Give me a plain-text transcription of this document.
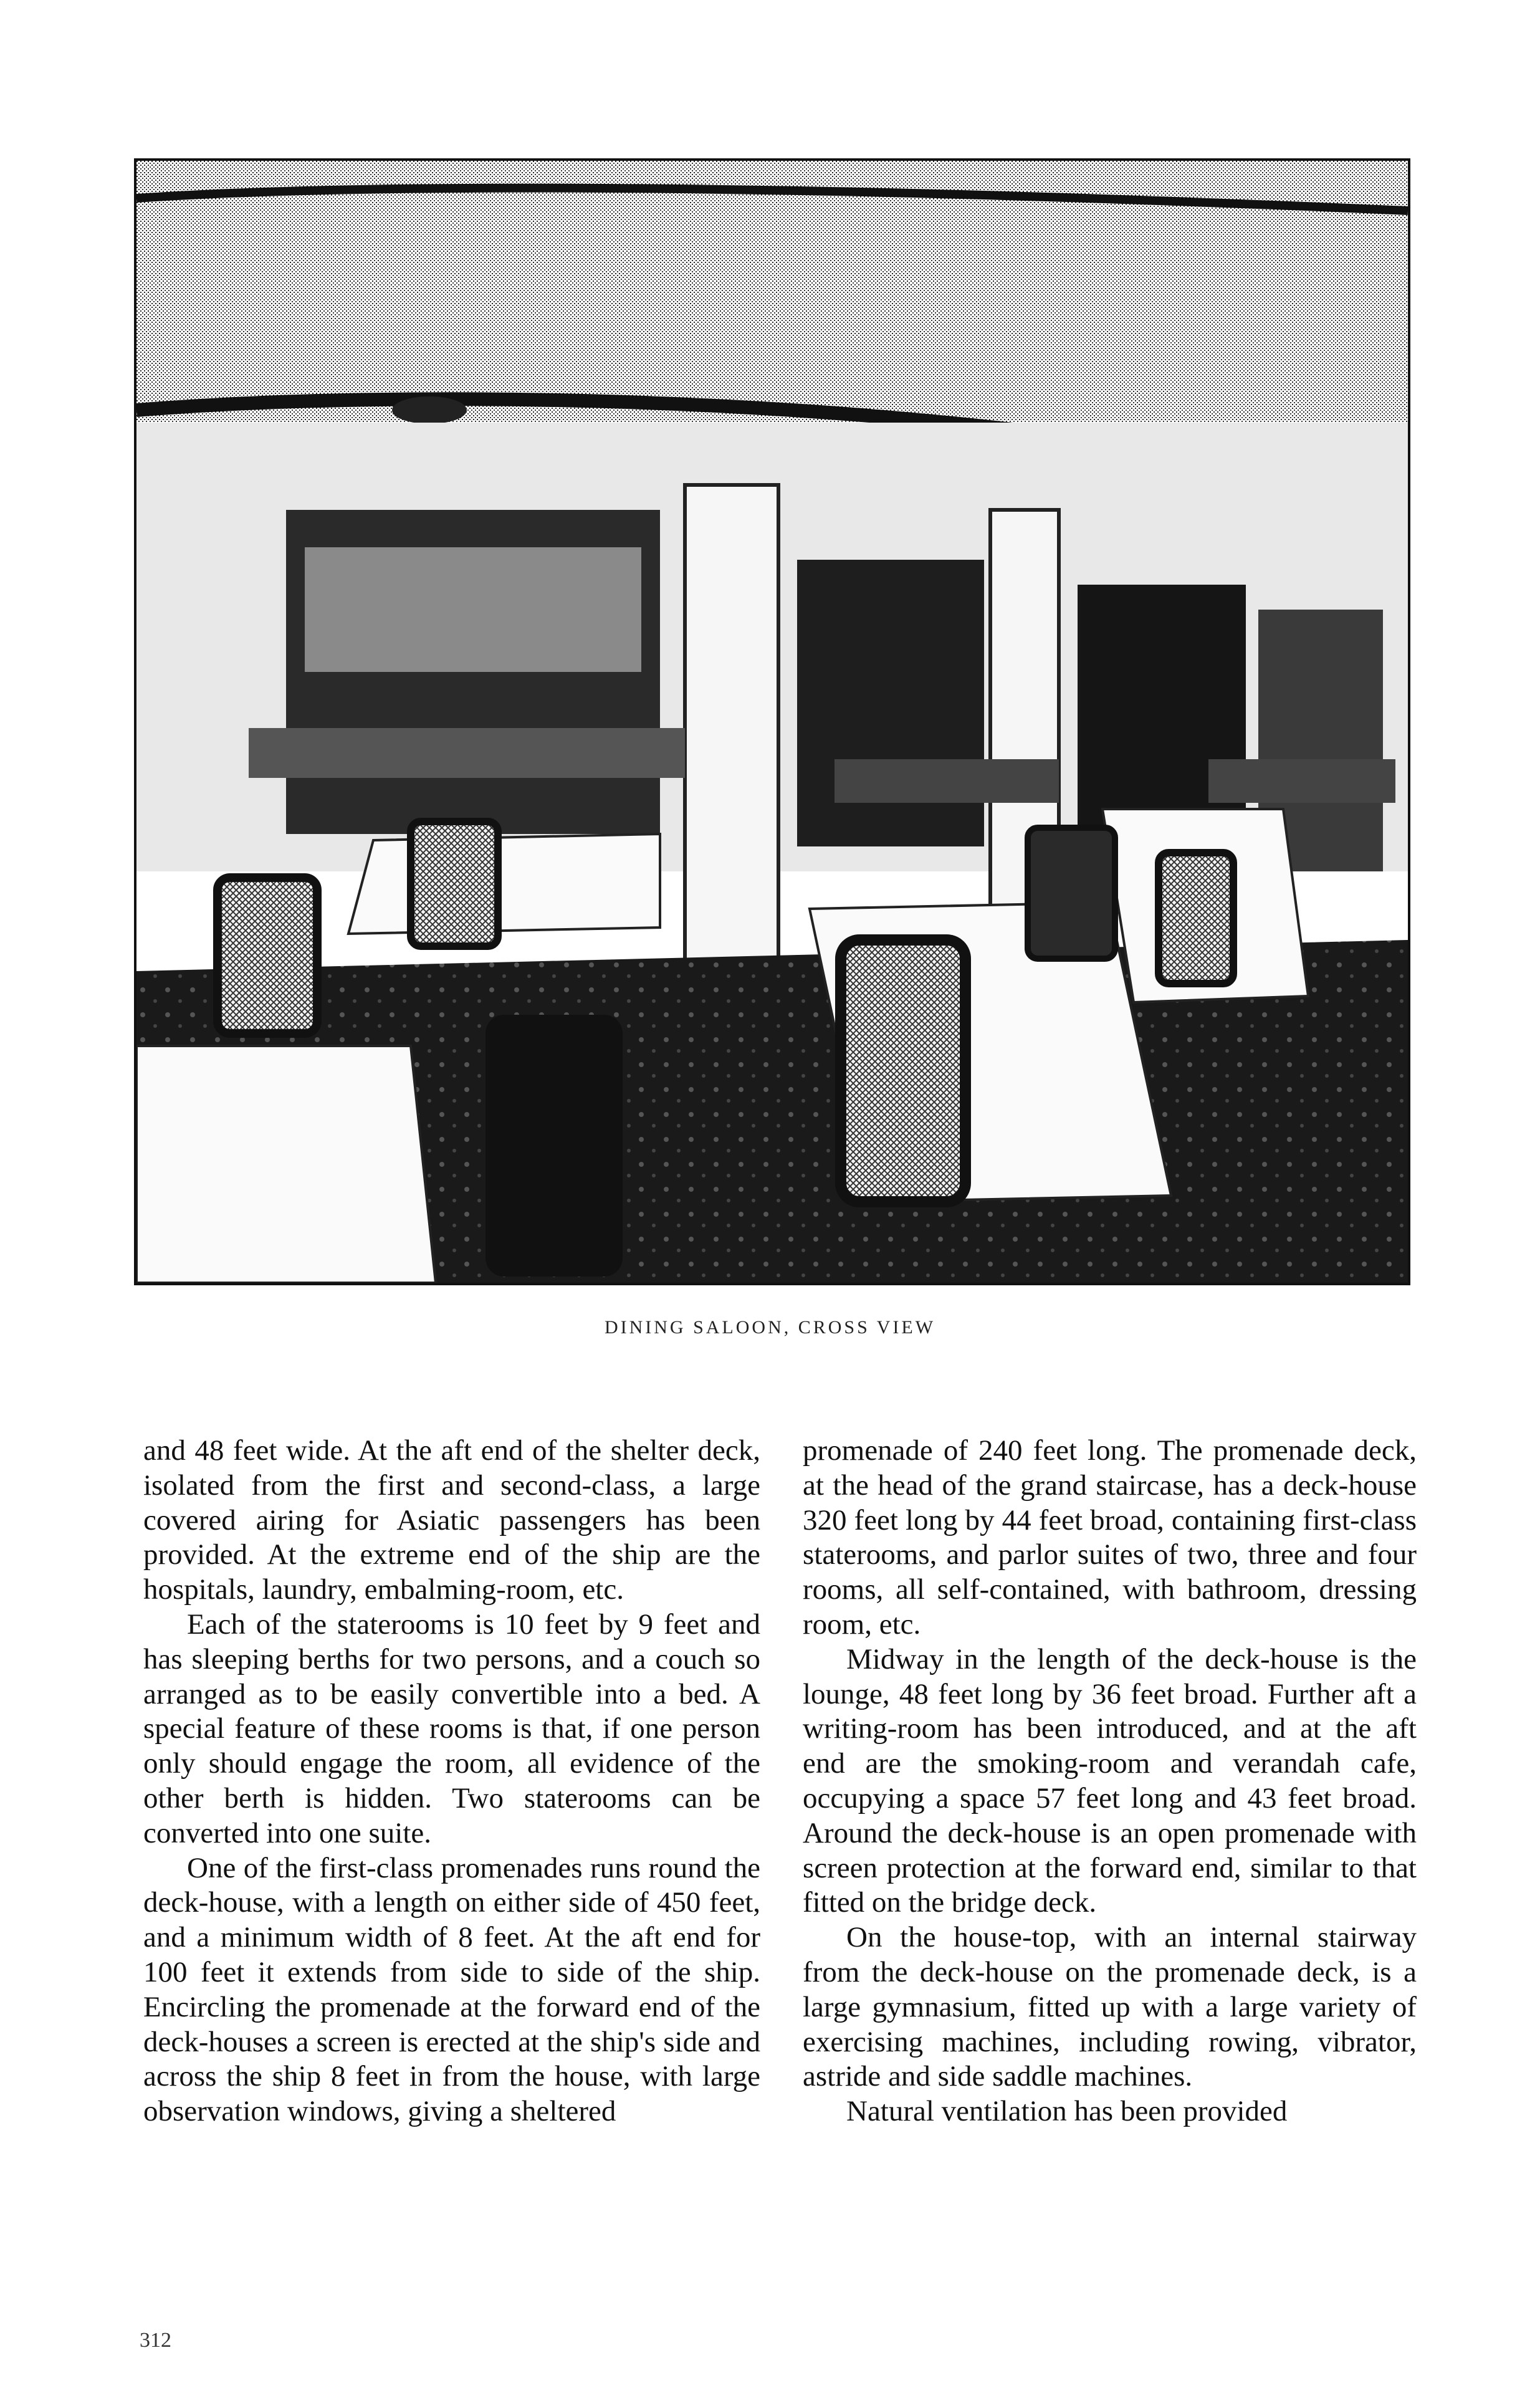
DINING SALOON, CROSS VIEW

and 48 feet wide. At the aft end of the shelter deck, isolated from the first and second-class, a large covered airing for Asiatic passengers has been provided. At the extreme end of the ship are the hospitals, laundry, embalming-room, etc.

Each of the staterooms is 10 feet by 9 feet and has sleeping berths for two persons, and a couch so arranged as to be easily convertible into a bed. A special feature of these rooms is that, if one person only should engage the room, all evidence of the other berth is hidden. Two staterooms can be converted into one suite.

One of the first-class promenades runs round the deck-house, with a length on either side of 450 feet, and a minimum width of 8 feet. At the aft end for 100 feet it extends from side to side of the ship. Encircling the promenade at the forward end of the deck-houses a screen is erected at the ship's side and across the ship 8 feet in from the house, with large observation windows, giving a sheltered

promenade of 240 feet long. The promenade deck, at the head of the grand staircase, has a deck-house 320 feet long by 44 feet broad, containing first-class staterooms, and parlor suites of two, three and four rooms, all self-contained, with bathroom, dressing room, etc.

Midway in the length of the deck-house is the lounge, 48 feet long by 36 feet broad. Further aft a writing-room has been introduced, and at the aft end are the smoking-room and verandah cafe, occupying a space 57 feet long and 43 feet broad. Around the deck-house is an open promenade with screen protection at the forward end, similar to that fitted on the bridge deck.

On the house-top, with an internal stairway from the deck-house on the promenade deck, is a large gymnasium, fitted up with a large variety of exercising machines, including rowing, vibrator, astride and side saddle machines.

Natural ventilation has been provided

312
